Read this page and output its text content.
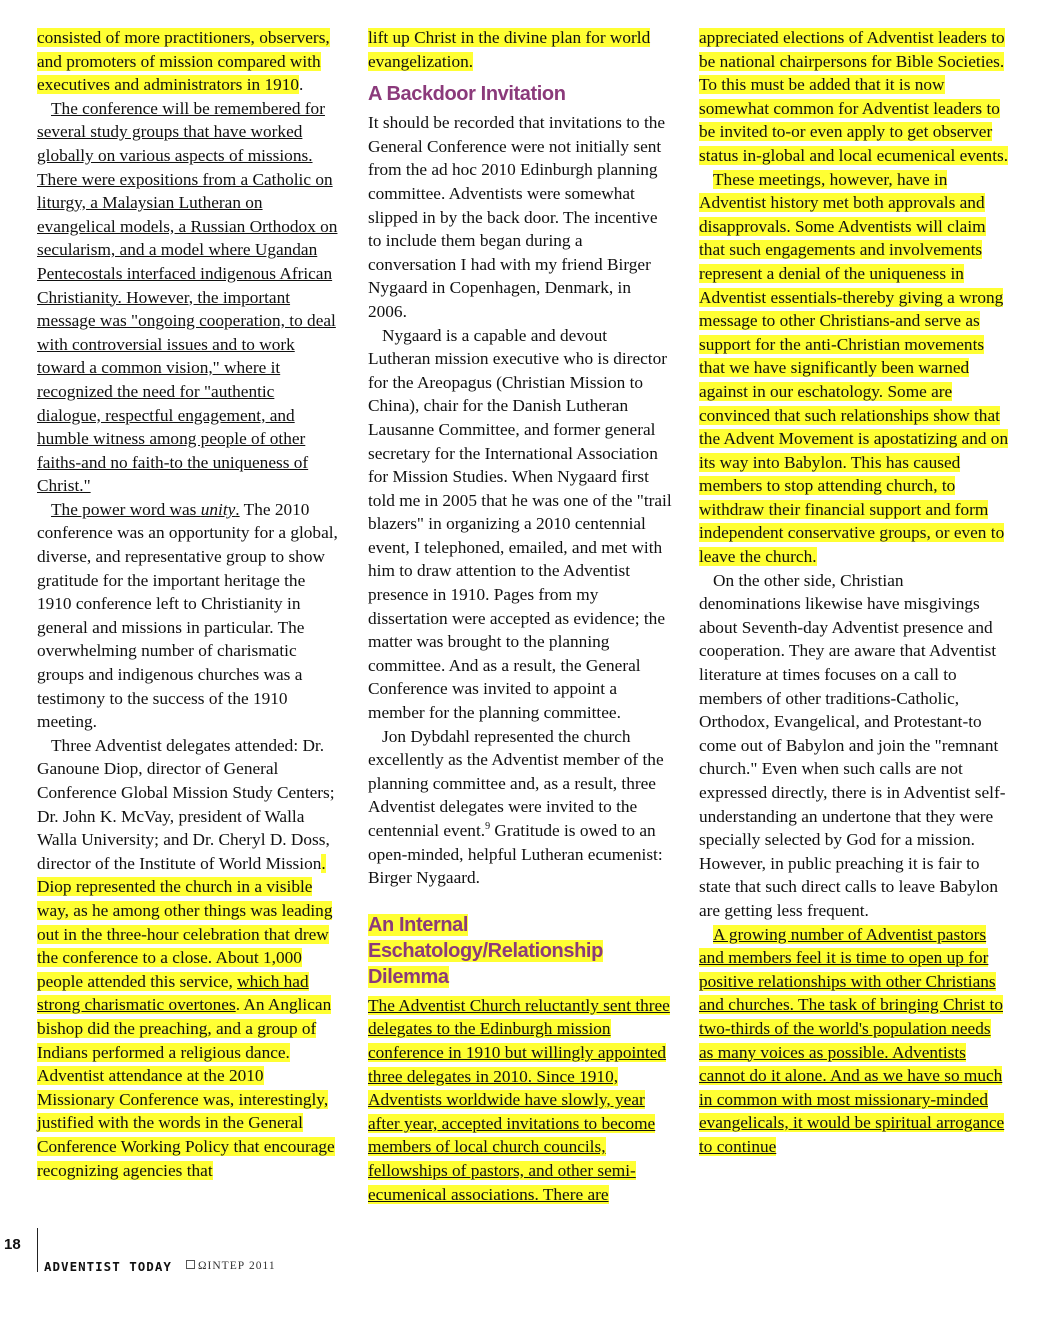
consisted of more practitioners, observers, and promoters of mission compared with executives and administrators in 1910.

The conference will be remembered for several study groups that have worked globally on various aspects of missions. There were expositions from a Catholic on liturgy, a Malaysian Lutheran on evangelical models, a Russian Orthodox on secularism, and a model where Ugandan Pentecostals interfaced indigenous African Christianity. However, the important message was "ongoing cooperation, to deal with controversial issues and to work toward a common vision," where it recognized the need for "authentic dialogue, respectful engagement, and humble witness among people of other faiths-and no faith-to the uniqueness of Christ."

The power word was unity. The 2010 conference was an opportunity for a global, diverse, and representative group to show gratitude for the important heritage the 1910 conference left to Christianity in general and missions in particular. The overwhelming number of charismatic groups and indigenous churches was a testimony to the success of the 1910 meeting.

Three Adventist delegates attended: Dr. Ganoune Diop, director of General Conference Global Mission Study Centers; Dr. John K. McVay, president of Walla Walla University; and Dr. Cheryl D. Doss, director of the Institute of World Mission. Diop represented the church in a visible way, as he among other things was leading out in the three-hour celebration that drew the conference to a close. About 1,000 people attended this service, which had strong charismatic overtones. An Anglican bishop did the preaching, and a group of Indians performed a religious dance. Adventist attendance at the 2010 Missionary Conference was, interestingly, justified with the words in the General Conference Working Policy that encourage recognizing agencies that

lift up Christ in the divine plan for world evangelization.

A Backdoor Invitation

It should be recorded that invitations to the General Conference were not initially sent from the ad hoc 2010 Edinburgh planning committee. Adventists were somewhat slipped in by the back door. The incentive to include them began during a conversation I had with my friend Birger Nygaard in Copenhagen, Denmark, in 2006.

Nygaard is a capable and devout Lutheran mission executive who is director for the Areopagus (Christian Mission to China), chair for the Danish Lutheran Lausanne Committee, and former general secretary for the International Association for Mission Studies. When Nygaard first told me in 2005 that he was one of the "trail blazers" in organizing a 2010 centennial event, I telephoned, emailed, and met with him to draw attention to the Adventist presence in 1910. Pages from my dissertation were accepted as evidence; the matter was brought to the planning committee. And as a result, the General Conference was invited to appoint a member for the planning committee.

Jon Dybdahl represented the church excellently as the Adventist member of the planning committee and, as a result, three Adventist delegates were invited to the centennial event.$^9$ Gratitude is owed to an open-minded, helpful Lutheran ecumenist: Birger Nygaard.

An Internal Eschatology/Relationship Dilemma

The Adventist Church reluctantly sent three delegates to the Edinburgh mission conference in 1910 but willingly appointed three delegates in 2010. Since 1910, Adventists worldwide have slowly, year after year, accepted invitations to become members of local church councils, fellowships of pastors, and other semi-ecumenical associations. There are

appreciated elections of Adventist leaders to be national chairpersons for Bible Societies. To this must be added that it is now somewhat common for Adventist leaders to be invited to-or even apply to get observer status in-global and local ecumenical events.

These meetings, however, have in Adventist history met both approvals and disapprovals. Some Adventists will claim that such engagements and involvements represent a denial of the uniqueness in Adventist essentials-thereby giving a wrong message to other Christians-and serve as support for the anti-Christian movements that we have significantly been warned against in our eschatology. Some are convinced that such relationships show that the Advent Movement is apostatizing and on its way into Babylon. This has caused members to stop attending church, to withdraw their financial support and form independent conservative groups, or even to leave the church.

On the other side, Christian denominations likewise have misgivings about Seventh-day Adventist presence and cooperation. They are aware that Adventist literature at times focuses on a call to members of other traditions-Catholic, Orthodox, Evangelical, and Protestant-to come out of Babylon and join the "remnant church." Even when such calls are not expressed directly, there is in Adventist self-understanding an undertone that they were specially selected by God for a mission. However, in public preaching it is fair to state that such direct calls to leave Babylon are getting less frequent.

A growing number of Adventist pastors and members feel it is time to open up for positive relationships with other Christians and churches. The task of bringing Christ to two-thirds of the world's population needs as many voices as possible. Adventists cannot do it alone. And as we have so much in common with most missionary-minded evangelicals, it would be spiritual arrogance to continue

18
ADVENTIST TODAY	ΩΙΝΤΕΡ 2011
